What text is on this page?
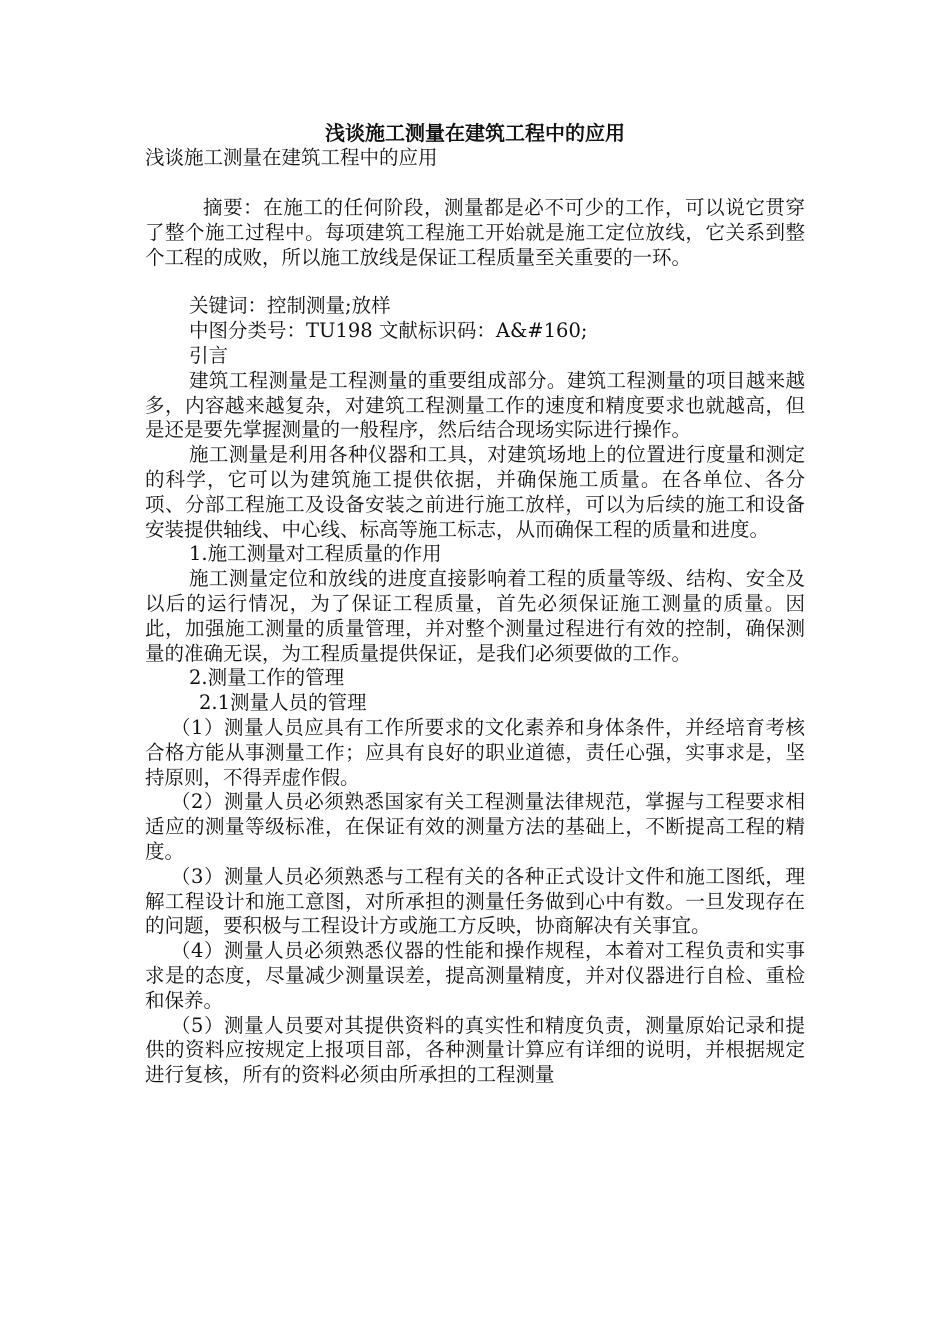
浅谈施工测量在建筑工程中的应用
浅谈施工测量在建筑工程中的应用

摘要：在施工的任何阶段，测量都是必不可少的工作，可以说它贯穿了整个施工过程中。每项建筑工程施工开始就是施工定位放线，它关系到整个工程的成败，所以施工放线是保证工程质量至关重要的一环。

关键词：控制测量;放样

中图分类号：TU198 文献标识码：A&#160;

引言

建筑工程测量是工程测量的重要组成部分。建筑工程测量的项目越来越多，内容越来越复杂，对建筑工程测量工作的速度和精度要求也就越高，但是还是要先掌握测量的一般程序，然后结合现场实际进行操作。

施工测量是利用各种仪器和工具，对建筑场地上的位置进行度量和测定的科学，它可以为建筑施工提供依据，并确保施工质量。在各单位、各分项、分部工程施工及设备安装之前进行施工放样，可以为后续的施工和设备安装提供轴线、中心线、标高等施工标志，从而确保工程的质量和进度。

1.施工测量对工程质量的作用

施工测量定位和放线的进度直接影响着工程的质量等级、结构、安全及以后的运行情况，为了保证工程质量，首先必须保证施工测量的质量。因此，加强施工测量的质量管理，并对整个测量过程进行有效的控制，确保测量的准确无误，为工程质量提供保证，是我们必须要做的工作。

2.测量工作的管理

2.1测量人员的管理

（1）测量人员应具有工作所要求的文化素养和身体条件，并经培育考核合格方能从事测量工作；应具有良好的职业道德，责任心强，实事求是，坚持原则，不得弄虚作假。

（2）测量人员必须熟悉国家有关工程测量法律规范，掌握与工程要求相适应的测量等级标准，在保证有效的测量方法的基础上，不断提高工程的精度。

（3）测量人员必须熟悉与工程有关的各种正式设计文件和施工图纸，理解工程设计和施工意图，对所承担的测量任务做到心中有数。一旦发现存在的问题，要积极与工程设计方或施工方反映，协商解决有关事宜。

（4）测量人员必须熟悉仪器的性能和操作规程，本着对工程负责和实事求是的态度，尽量减少测量误差，提高测量精度，并对仪器进行自检、重检和保养。

（5）测量人员要对其提供资料的真实性和精度负责，测量原始记录和提供的资料应按规定上报项目部，各种测量计算应有详细的说明，并根据规定进行复核，所有的资料必须由所承担的工程测量
